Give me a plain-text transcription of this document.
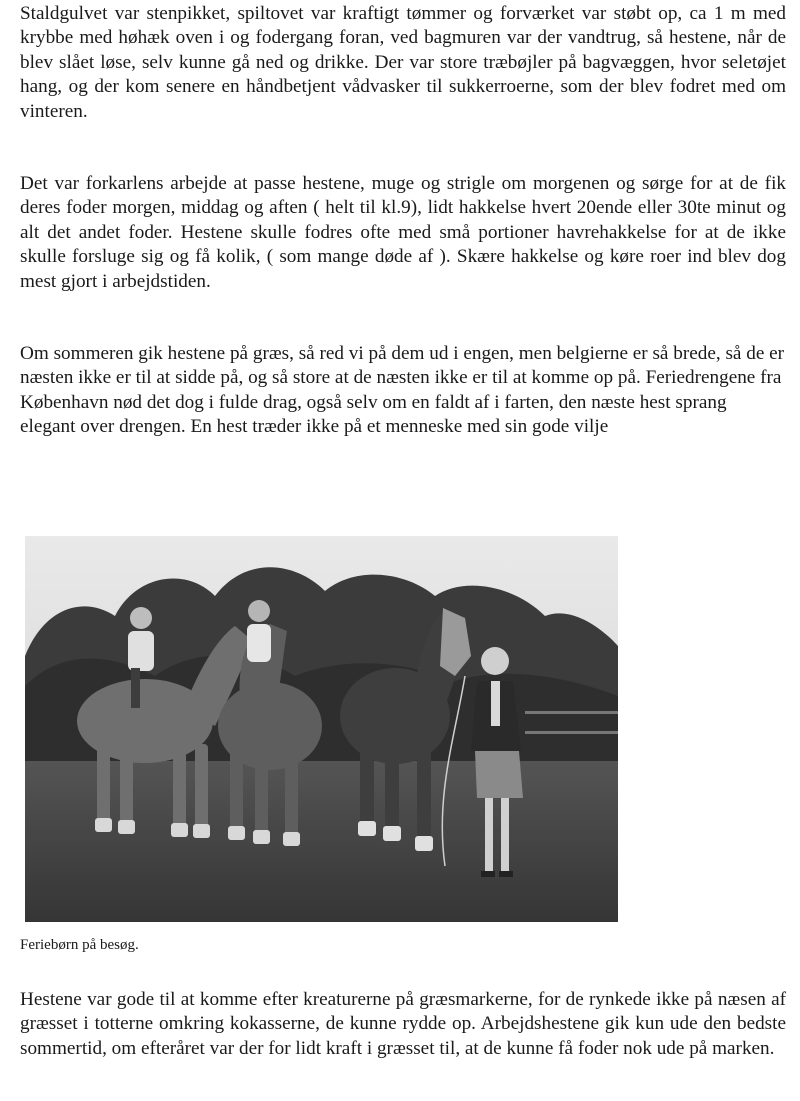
Staldgulvet var stenpikket, spiltovet var kraftigt tømmer og forværket var støbt op, ca 1 m med krybbe med høhæk oven i og fodergang foran, ved bagmuren var der vandtrug, så hestene, når de blev slået løse, selv kunne gå ned og drikke. Der var store træbøjler på bagvæggen, hvor seletøjet hang, og der kom senere en håndbetjent vådvasker til sukkerroerne, som der blev fodret med om vinteren.

Det var forkarlens arbejde at passe hestene, muge og strigle om morgenen og sørge for at de fik deres foder morgen, middag og aften ( helt til kl.9), lidt hakkelse hvert 20ende eller 30te minut og alt det andet foder. Hestene skulle fodres ofte med små portioner havrehakkelse for at de ikke skulle forsluge sig og få kolik, ( som mange døde af ). Skære hakkelse og køre roer ind blev dog mest gjort i arbejdstiden.

Om sommeren gik hestene på græs, så red vi på dem ud i engen, men belgierne er så brede, så de er næsten ikke er til at sidde på, og så store at de næsten ikke er til at komme op på. Feriedrengene fra København nød det dog i fulde drag, også selv om en faldt af i farten, den næste hest sprang elegant over drengen. En hest træder ikke på et menneske med sin gode vilje

Feriebørn på besøg.

Hestene var gode til at komme efter kreaturerne på græsmarkerne, for de rynkede ikke på næsen af græsset i totterne omkring kokasserne, de kunne rydde op. Arbejdshestene gik kun ude den bedste sommertid, om efteråret var der for lidt kraft i græsset til, at de kunne få foder nok ude på marken.
